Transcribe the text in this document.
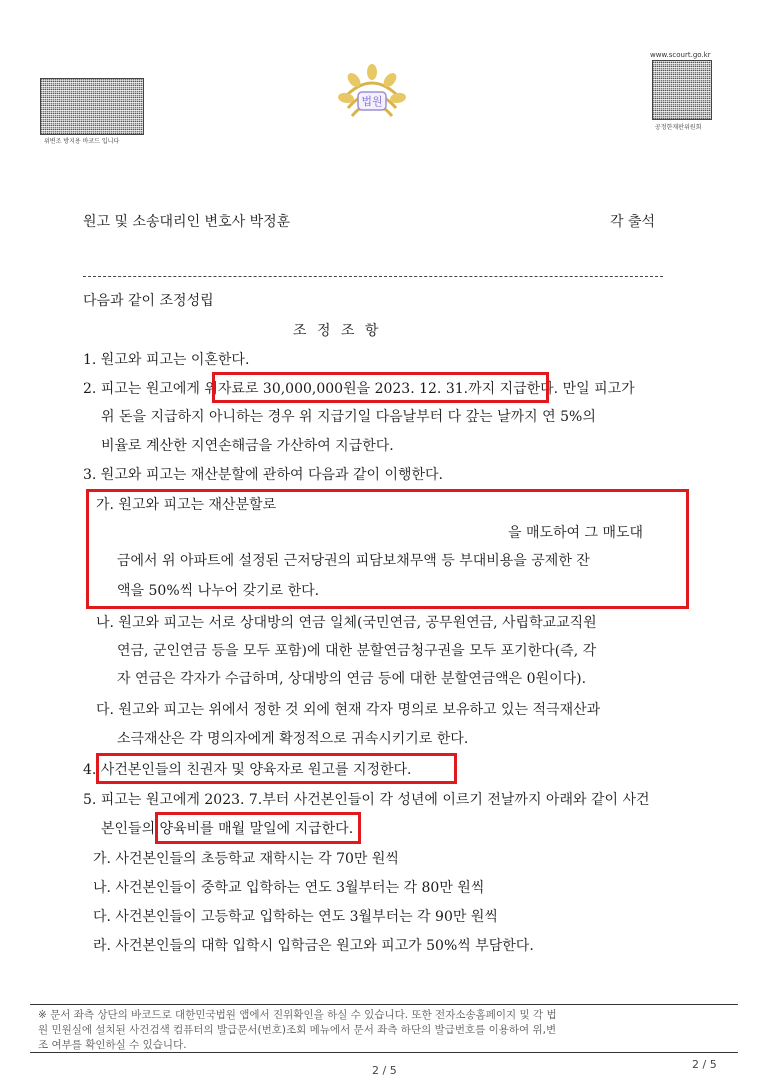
위변조 방지용 바코드 입니다
법원
www.scourt.go.kr
공정한재판위원회
원고 및 소송대리인 변호사 박정훈	각 출석
다음과 같이 조정성립
조 정 조 항
1. 원고와 피고는 이혼한다.
2. 피고는 원고에게 위자료로 30,000,000원을 2023. 12. 31.까지 지급한다. 만일 피고가
위 돈을 지급하지 아니하는 경우 위 지급기일 다음날부터 다 갚는 날까지 연 5%의
비율로 계산한 지연손해금을 가산하여 지급한다.
3. 원고와 피고는 재산분할에 관하여 다음과 같이 이행한다.
가. 원고와 피고는 재산분할로
을 매도하여 그 매도대
금에서 위 아파트에 설정된 근저당권의 피담보채무액 등 부대비용을 공제한 잔
액을 50%씩 나누어 갖기로 한다.
나. 원고와 피고는 서로 상대방의 연금 일체(국민연금, 공무원연금, 사립학교교직원
연금, 군인연금 등을 모두 포함)에 대한 분할연금청구권을 모두 포기한다(즉, 각
자 연금은 각자가 수급하며, 상대방의 연금 등에 대한 분할연금액은 0원이다).
다. 원고와 피고는 위에서 정한 것 외에 현재 각자 명의로 보유하고 있는 적극재산과
소극재산은 각 명의자에게 확정적으로 귀속시키기로 한다.
4. 사건본인들의 친권자 및 양육자로 원고를 지정한다.
5. 피고는 원고에게 2023. 7.부터 사건본인들이 각 성년에 이르기 전날까지 아래와 같이 사건
본인들의 양육비를 매월 말일에 지급한다.
가. 사건본인들의 초등학교 재학시는 각 70만 원씩
나. 사건본인들이 중학교 입학하는 연도 3월부터는 각 80만 원씩
다. 사건본인들이 고등학교 입학하는 연도 3월부터는 각 90만 원씩
라. 사건본인들의 대학 입학시 입학금은 원고와 피고가 50%씩 부담한다.
※ 문서 좌측 상단의 바코드로 대한민국법원 앱에서 진위확인을 하실 수 있습니다. 또한 전자소송홈페이지 및 각 법
원 민원실에 설치된 사건검색 컴퓨터의 발급문서(번호)조회 메뉴에서 문서 좌측 하단의 발급번호를 이용하여 위,변
조 여부를 확인하실 수 있습니다.
2 / 5	2 / 5
